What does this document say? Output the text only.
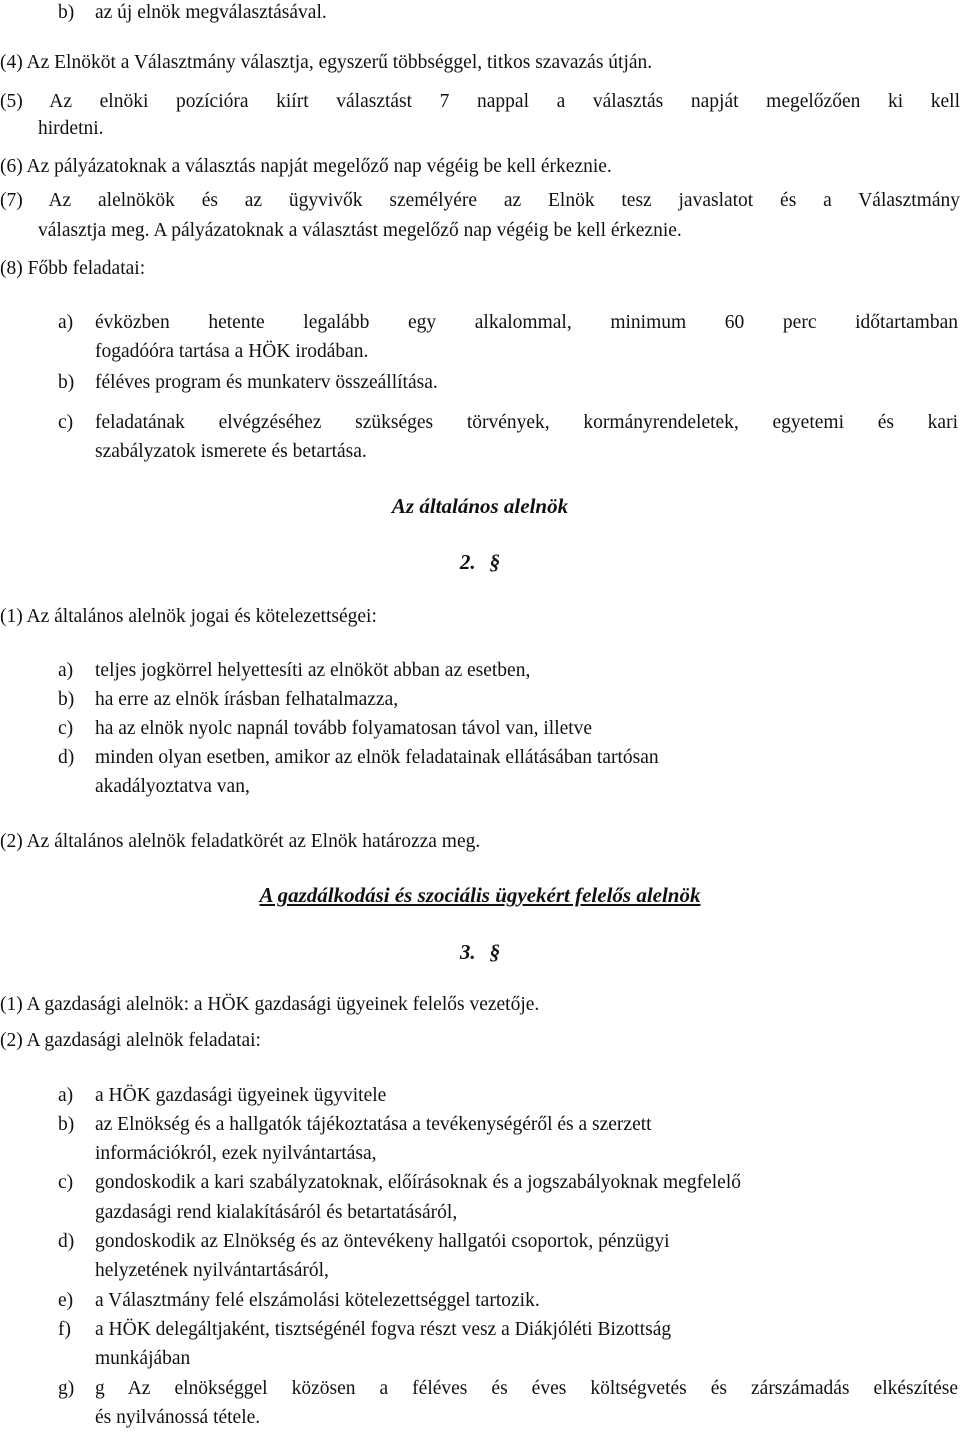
b) az új elnök megválasztásával.
(4) Az Elnököt a Választmány választja, egyszerű többséggel, titkos szavazás útján.
(5) Az elnöki pozícióra kiírt választást 7 nappal a választás napját megelőzően ki kell
hirdetni.
(6) Az pályázatoknak a választás napját megelőző nap végéig be kell érkeznie.
(7) Az alelnökök és az ügyvivők személyére az Elnök tesz javaslatot és a Választmány
választja meg. A pályázatoknak a választást megelőző nap végéig be kell érkeznie.
(8) Főbb feladatai:
a) évközben hetente legalább egy alkalommal, minimum 60 perc időtartamban
fogadóóra tartása a HÖK irodában.
b) féléves program és munkaterv összeállítása.
c) feladatának elvégzéséhez szükséges törvények, kormányrendeletek, egyetemi és kari
szabályzatok ismerete és betartása.
Az általános alelnök
2. §
(1) Az általános alelnök jogai és kötelezettségei:
a) teljes jogkörrel helyettesíti az elnököt abban az esetben,
b) ha erre az elnök írásban felhatalmazza,
c) ha az elnök nyolc napnál tovább folyamatosan távol van, illetve
d) minden olyan esetben, amikor az elnök feladatainak ellátásában tartósan
akadályoztatva van,
(2) Az általános alelnök feladatkörét az Elnök határozza meg.
A gazdálkodási és szociális ügyekért felelős alelnök
3. §
(1) A gazdasági alelnök: a HÖK gazdasági ügyeinek felelős vezetője.
(2) A gazdasági alelnök feladatai:
a) a HÖK gazdasági ügyeinek ügyvitele
b) az Elnökség és a hallgatók tájékoztatása a tevékenységéről és a szerzett
információkról, ezek nyilvántartása,
c) gondoskodik a kari szabályzatoknak, előírásoknak és a jogszabályoknak megfelelő
gazdasági rend kialakításáról és betartatásáról,
d) gondoskodik az Elnökség és az öntevékeny hallgatói csoportok, pénzügyi
helyzetének nyilvántartásáról,
e) a Választmány felé elszámolási kötelezettséggel tartozik.
f) a HÖK delegáltjaként, tisztségénél fogva részt vesz a Diákjóléti Bizottság
munkájában
g) g Az elnökséggel közösen a féléves és éves költségvetés és zárszámadás elkészítése
és nyilvánossá tétele.
